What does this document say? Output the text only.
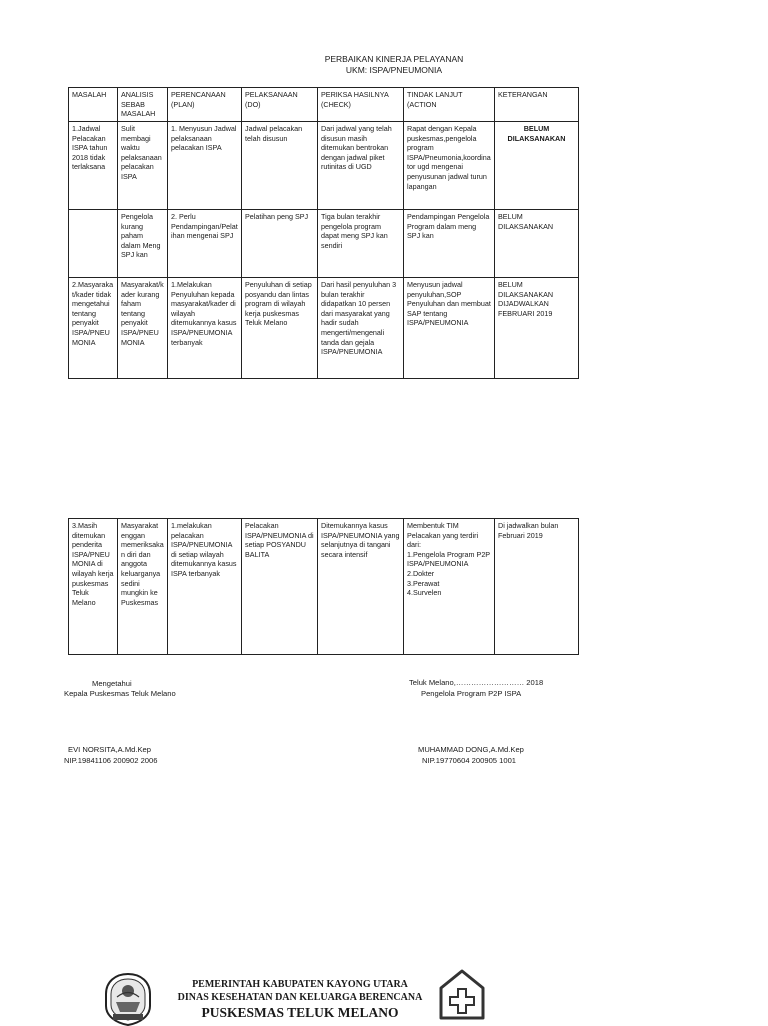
PERBAIKAN KINERJA PELAYANAN
UKM: ISPA/PNEUMONIA
MASALAH	ANALISIS SEBAB MASALAH	PERENCANAAN (PLAN)	PELAKSANAAN (DO)	PERIKSA HASILNYA (CHECK)	TINDAK LANJUT (ACTION	KETERANGAN
1.Jadwal Pelacakan ISPA tahun 2018 tidak terlaksana	Sulit membagi waktu pelaksanaan pelacakan ISPA	1. Menyusun Jadwal pelaksanaan pelacakan ISPA	Jadwal pelacakan telah disusun	Dari jadwal yang telah disusun masih ditemukan bentrokan dengan jadwal piket rutinitas di UGD	Rapat dengan Kepala puskesmas,pengelola program ISPA/Pneumonia,koordinator ugd mengenai penyusunan jadwal turun lapangan	BELUM DILAKSANAKAN
	Pengelola kurang paham dalam Meng SPJ kan	2. Perlu Pendampingan/Pelatihan mengenai SPJ	Pelatihan peng SPJ	Tiga bulan terakhir pengelola program dapat meng SPJ kan sendiri	Pendampingan Pengelola Program dalam meng SPJ kan	BELUM DILAKSANAKAN
2.Masyarakat/kader tidak mengetahui tentang penyakit ISPA/PNEUMONIA	Masyarakat/kader kurang faham tentang penyakit ISPA/PNEUMONIA	1.Melakukan Penyuluhan kepada masyarakat/kader di wilayah ditemukannya kasus ISPA/PNEUMONIA terbanyak	Penyuluhan di setiap posyandu dan lintas program di wilayah kerja puskesmas Teluk Melano	Dari hasil penyuluhan 3 bulan terakhir didapatkan 10 persen dari masyarakat yang hadir sudah mengerti/mengenali tanda dan gejala ISPA/PNEUMONIA	Menyusun jadwal penyuluhan,SOP Penyuluhan dan membuat SAP tentang ISPA/PNEUMONIA	BELUM DILAKSANAKAN DIJADWALKAN FEBRUARI 2019
3.Masih ditemukan penderita ISPA/PNEUMONIA di wilayah kerja puskesmas Teluk Melano	Masyarakat enggan memeriksakan diri dan anggota keluarganya sedini mungkin ke Puskesmas	1.melakukan pelacakan ISPA/PNEUMONIA di setiap wilayah ditemukannya kasus ISPA terbanyak	Pelacakan ISPA/PNEUMONIA di setiap POSYANDU BALITA	Ditemukannya kasus ISPA/PNEUMONIA yang selanjutnya di tangani secara intensif	Membentuk TIM Pelacakan yang terdiri dari:
1.Pengelola Program P2P ISPA/PNEUMONIA
2.Dokter
3.Perawat
4.Survelen	Di jadwalkan bulan Februari 2019
Mengetahui
Kepala Puskesmas Teluk Melano
EVI NORSITA,A.Md.Kep
NIP.19841106 200902 2006
Teluk Melano,……………………… 2018
Pengelola Program P2P ISPA
MUHAMMAD DONG,A.Md.Kep
NIP.19770604 200905 1001
PEMERINTAH KABUPATEN KAYONG UTARA
DINAS KESEHATAN DAN KELUARGA BERENCANA
PUSKESMAS TELUK MELANO
